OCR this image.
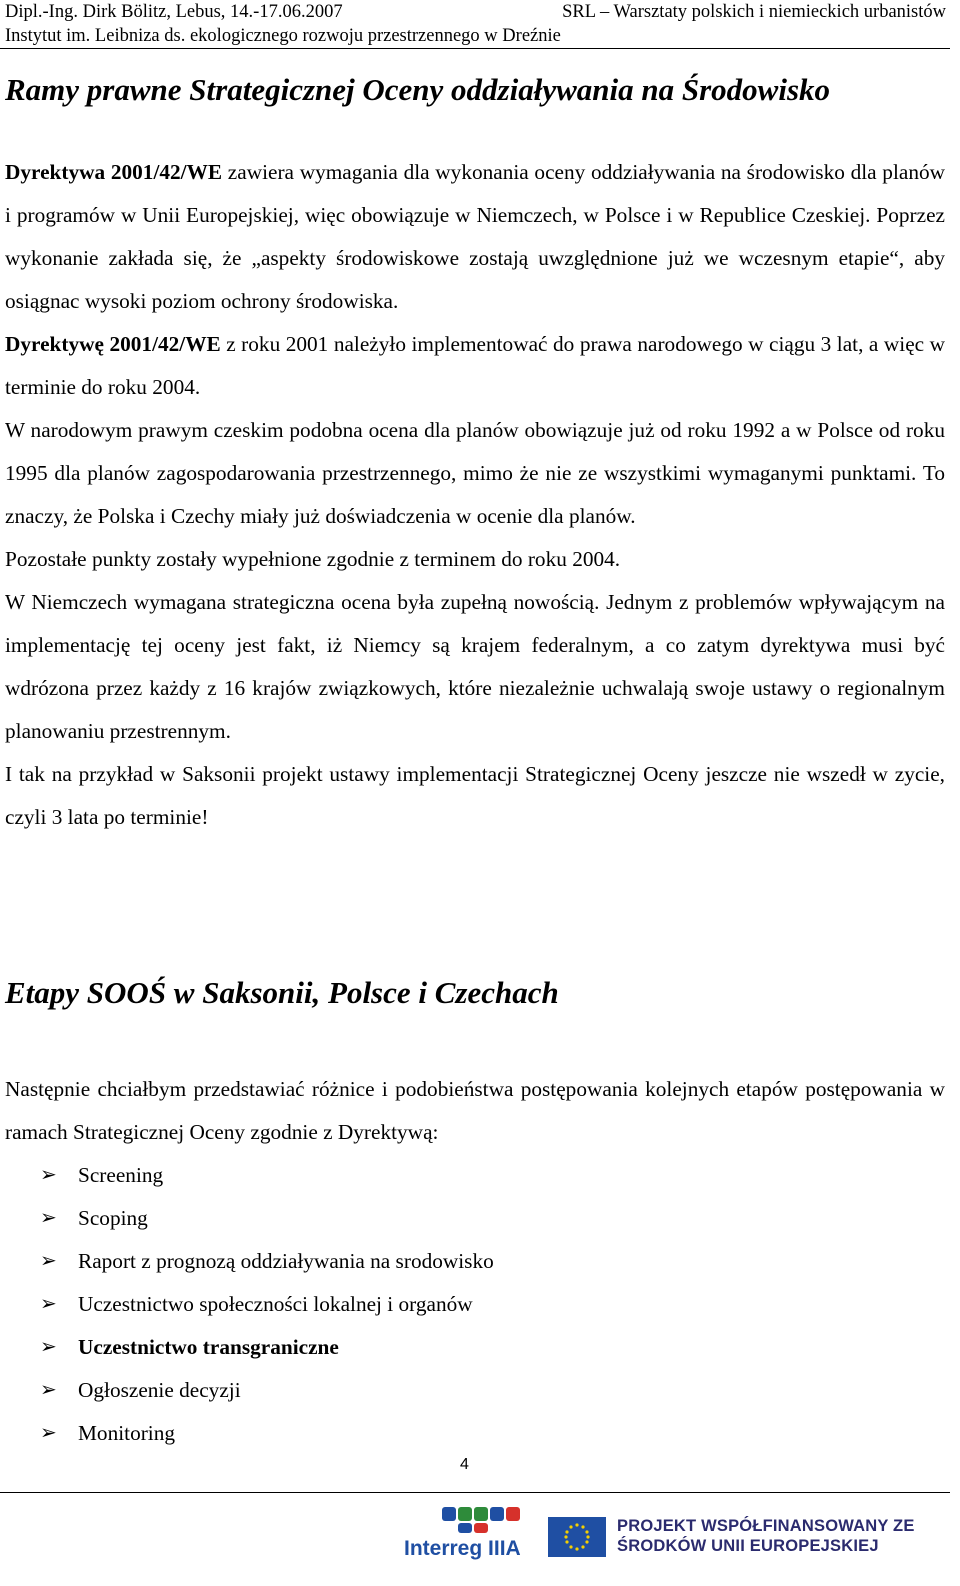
Dipl.-Ing. Dirk Bölitz, Lebus, 14.-17.06.2007	SRL – Warsztaty polskich i niemieckich urbanistów
Instytut im. Leibniza ds. ekologicznego rozwoju przestrzennego w Dreźnie
Ramy prawne Strategicznej Oceny oddziaływania na Środowisko

Dyrektywa 2001/42/WE zawiera wymagania dla wykonania oceny oddziaływania na środowisko dla planów i programów w Unii Europejskiej, więc obowiązuje w Niemczech, w Polsce i w Republice Czeskiej. Poprzez wykonanie zakłada się, że „aspekty środowiskowe zostają uwzględnione już we wczesnym etapie“, aby osiągnac wysoki poziom ochrony środowiska.

Dyrektywę 2001/42/WE z roku 2001 należyło implementować do prawa narodowego w ciągu 3 lat, a więc w terminie do roku 2004.

W narodowym prawym czeskim podobna ocena dla planów obowiązuje już od roku 1992 a w Polsce od roku 1995 dla planów zagospodarowania przestrzennego, mimo że nie ze wszystkimi wymaganymi punktami. To znaczy, że Polska i Czechy miały już doświadczenia w ocenie dla planów.

Pozostałe punkty zostały wypełnione zgodnie z terminem do roku 2004.

W Niemczech wymagana strategiczna ocena była zupełną nowością. Jednym z problemów wpływającym na implementację tej oceny jest fakt, iż Niemcy są krajem federalnym, a co zatym dyrektywa musi być wdrózona przez każdy z 16 krajów związkowych, które niezależnie uchwalają swoje ustawy o regionalnym planowaniu przestrennym.

I tak na przykład w Saksonii projekt ustawy implementacji Strategicznej Oceny jeszcze nie wszedł w zycie, czyli 3 lata po terminie!

Etapy SOOŚ w Saksonii, Polsce i Czechach

Następnie chciałbym przedstawiać różnice i podobieństwa postępowania kolejnych etapów postępowania w ramach Strategicznej Oceny zgodnie z Dyrektywą:

➢ Screening
➢ Scoping
➢ Raport z prognozą oddziaływania na srodowisko
➢ Uczestnictwo społeczności lokalnej i organów
➢ Uczestnictwo transgraniczne
➢ Ogłoszenie decyzji
➢ Monitoring
4
Interreg IIIA
PROJEKT WSPÓŁFINANSOWANY ZE
ŚRODKÓW UNII EUROPEJSKIEJ
